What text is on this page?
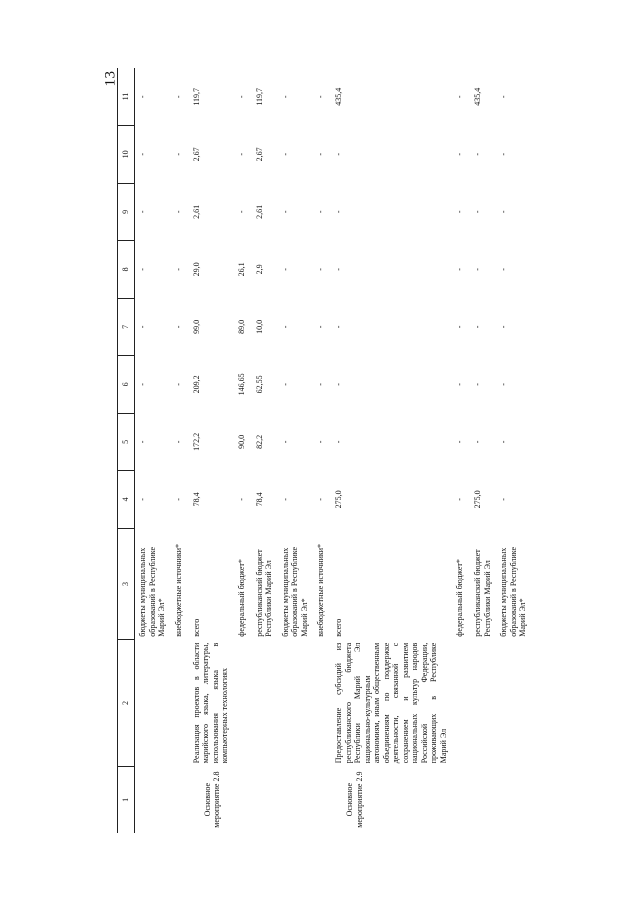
13
1	2	3	4	5	6	7	8	9	10	11
		бюджеты муниципальных образований в Республике Марий Эл*	-	-	-	-	-	-	-	-
		внебюджетные источники*	-	-	-	-	-	-	-	-
Основное мероприятие 2.8	Реализация проектов в области марийского языка, литературы, использования языка в компьютерных технологиях	всего	78,4	172,2	209,2	99,0	29,0	2,61	2,67	119,7
		федеральный бюджет*	-	90,0	146,65	89,0	26,1	-	-	-
		республиканский бюджет Республики Марий Эл	78,4	82,2	62,55	10,0	2,9	2,61	2,67	119,7
		бюджеты муниципальных образований в Республике Марий Эл*	-	-	-	-	-	-	-	-
		внебюджетные источники*	-	-	-	-	-	-	-	-
Основное мероприятие 2.9	Предоставление субсидий из республиканского бюджета Республики Марий Эл национально-культурным автономиям, иным общественным объединениям по поддержке деятельности, связанной с сохранением и развитием национальных культур народов Российской Федерации, проживающих в Республике Марий Эл	всего	275,0	-	-	-	-	-	-	435,4
		федеральный бюджет*	-	-	-	-	-	-	-	-
		республиканский бюджет Республики Марий Эл	275,0	-	-	-	-	-	-	435,4
		бюджеты муниципальных образований в Республике Марий Эл*	-	-	-	-	-	-	-	-
